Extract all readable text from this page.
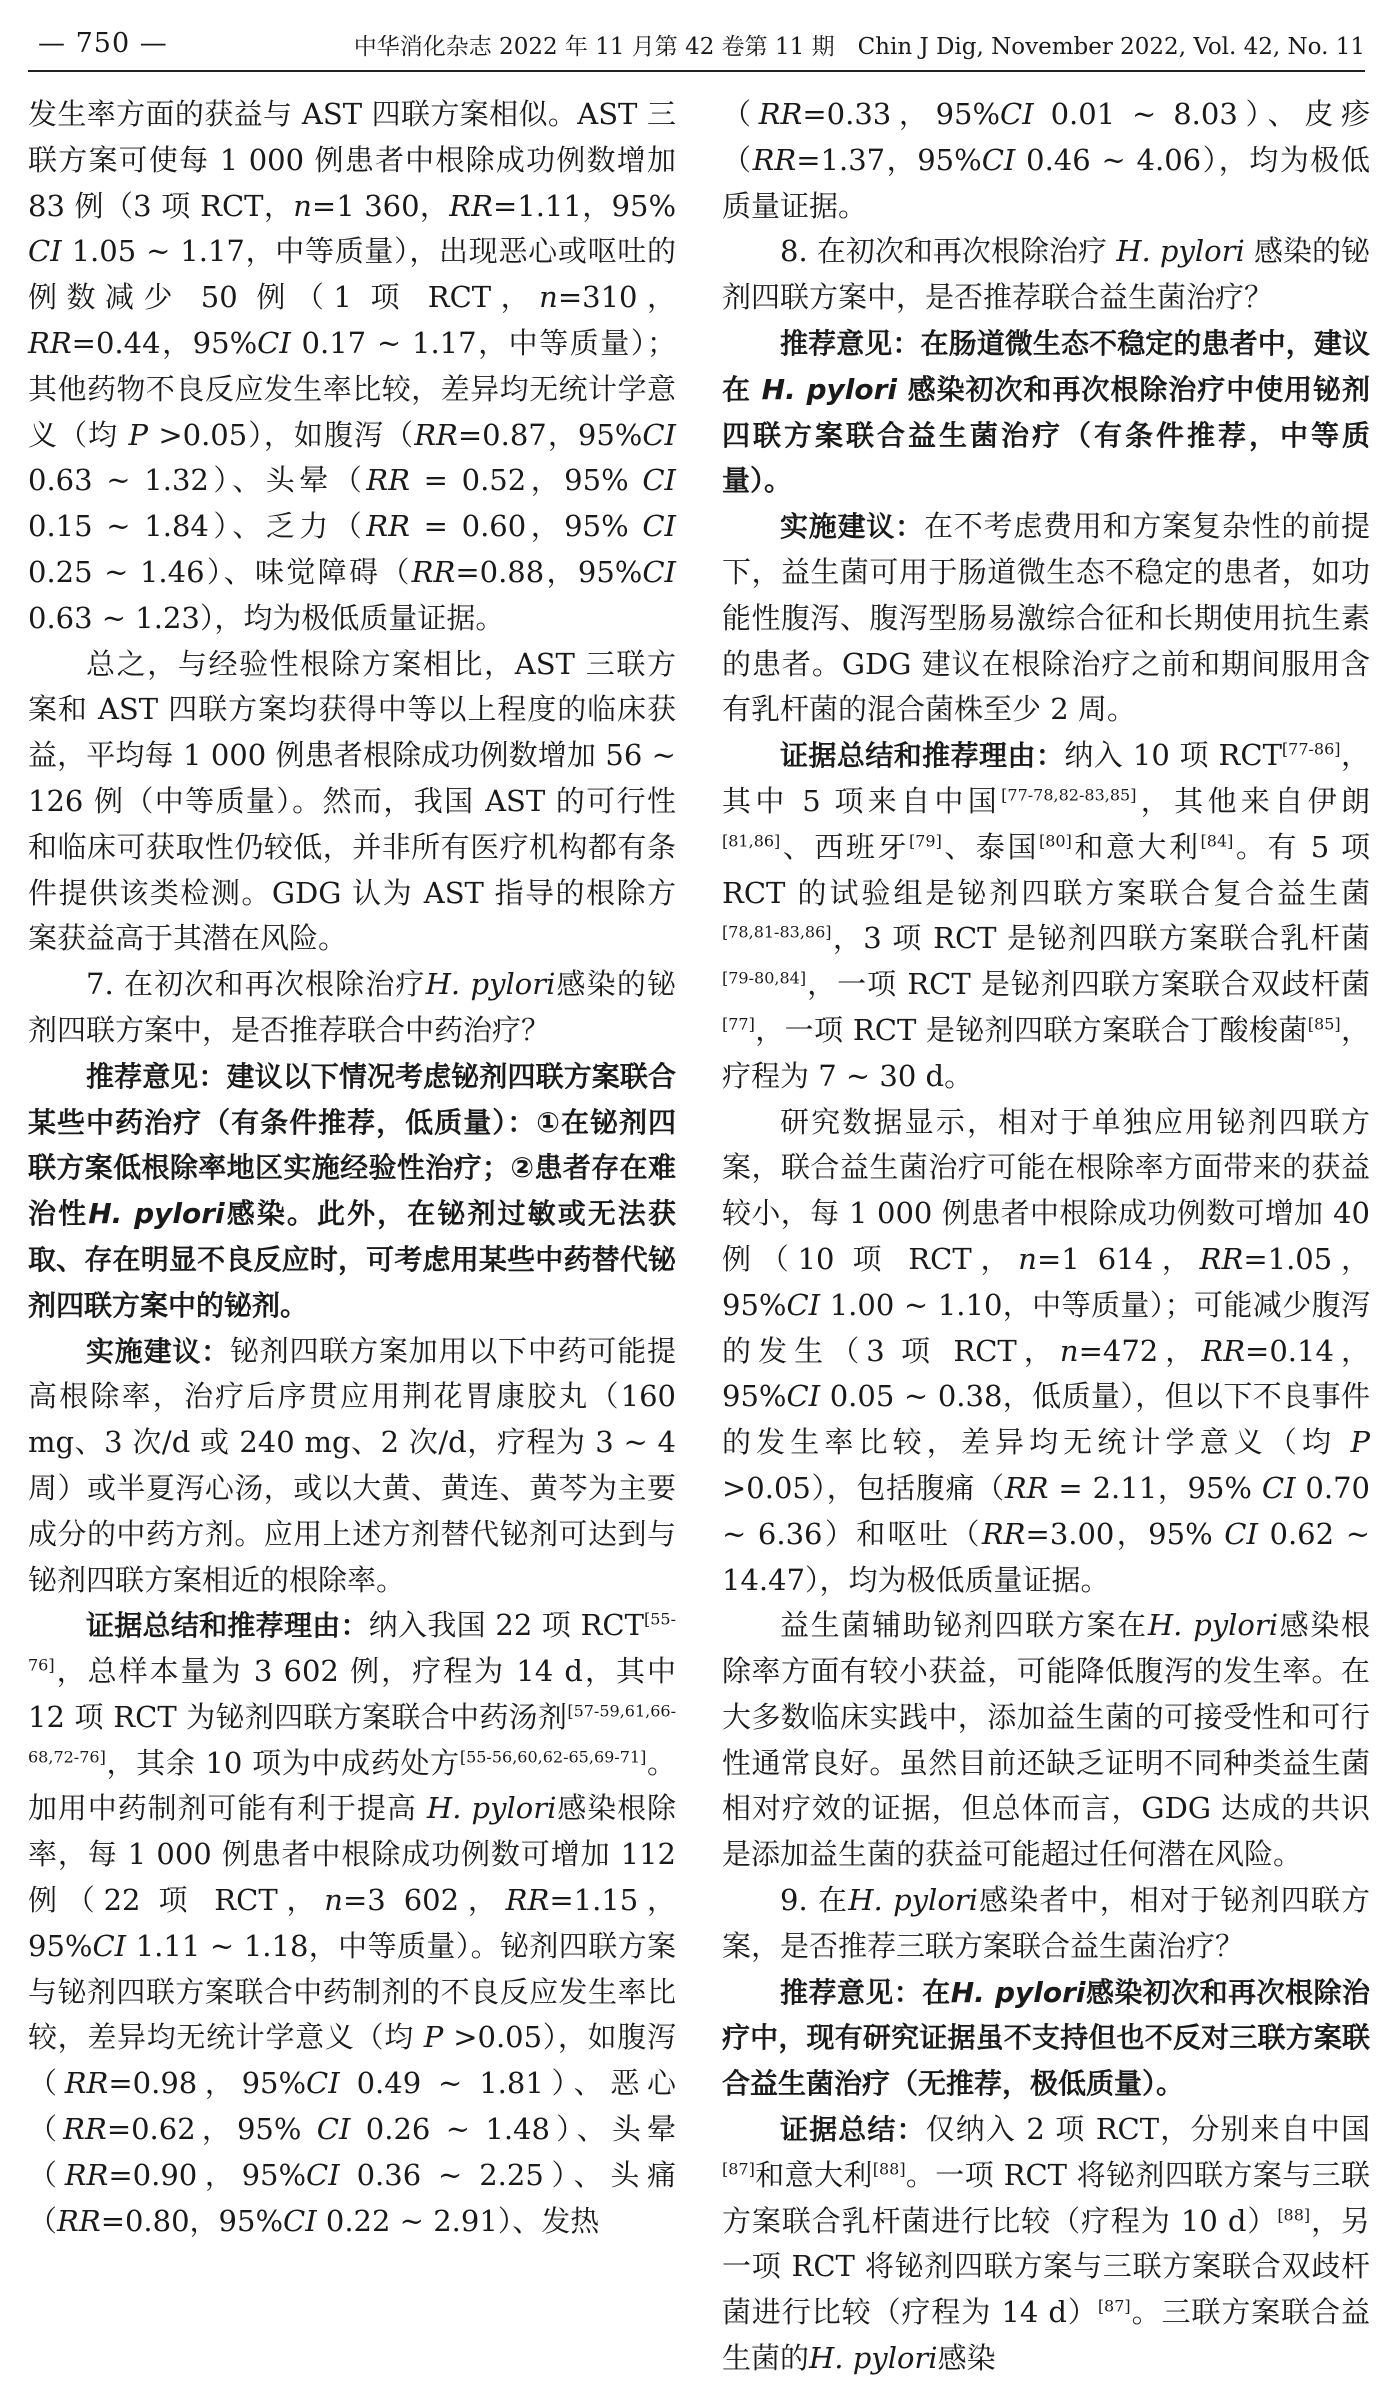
— 750 —	中华消化杂志 2022 年 11 月第 42 卷第 11 期　Chin J Dig, November 2022, Vol. 42, No. 11

发生率方面的获益与 AST 四联方案相似。AST 三联方案可使每 1 000 例患者中根除成功例数增加 83 例（3 项 RCT，n=1 360，RR=1.11，95% CI 1.05 ~ 1.17，中等质量），出现恶心或呕吐的例数减少 50 例（1 项 RCT，n=310，RR=0.44，95%CI 0.17 ~ 1.17，中等质量）；其他药物不良反应发生率比较，差异均无统计学意义（均 P >0.05），如腹泻（RR=0.87，95%CI 0.63 ~ 1.32）、头晕（RR = 0.52，95% CI 0.15 ~ 1.84）、乏力（RR = 0.60，95% CI 0.25 ~ 1.46）、味觉障碍（RR=0.88，95%CI 0.63 ~ 1.23），均为极低质量证据。

总之，与经验性根除方案相比，AST 三联方案和 AST 四联方案均获得中等以上程度的临床获益，平均每 1 000 例患者根除成功例数增加 56 ~ 126 例（中等质量）。然而，我国 AST 的可行性和临床可获取性仍较低，并非所有医疗机构都有条件提供该类检测。GDG 认为 AST 指导的根除方案获益高于其潜在风险。

7. 在初次和再次根除治疗H. pylori感染的铋剂四联方案中，是否推荐联合中药治疗？

推荐意见：建议以下情况考虑铋剂四联方案联合某些中药治疗（有条件推荐，低质量）：①在铋剂四联方案低根除率地区实施经验性治疗；②患者存在难治性H. pylori感染。此外，在铋剂过敏或无法获取、存在明显不良反应时，可考虑用某些中药替代铋剂四联方案中的铋剂。

实施建议：铋剂四联方案加用以下中药可能提高根除率，治疗后序贯应用荆花胃康胶丸（160 mg、3 次/d 或 240 mg、2 次/d，疗程为 3 ~ 4 周）或半夏泻心汤，或以大黄、黄连、黄芩为主要成分的中药方剂。应用上述方剂替代铋剂可达到与铋剂四联方案相近的根除率。

证据总结和推荐理由：纳入我国 22 项 RCT[55-76]，总样本量为 3 602 例，疗程为 14 d，其中 12 项 RCT 为铋剂四联方案联合中药汤剂[57-59,61,66-68,72-76]，其余 10 项为中成药处方[55-56,60,62-65,69-71]。加用中药制剂可能有利于提高 H. pylori感染根除率，每 1 000 例患者中根除成功例数可增加 112 例（22 项 RCT，n=3 602，RR=1.15，95%CI 1.11 ~ 1.18，中等质量）。铋剂四联方案与铋剂四联方案联合中药制剂的不良反应发生率比较，差异均无统计学意义（均 P >0.05），如腹泻（RR=0.98，95%CI 0.49 ~ 1.81）、恶心（RR=0.62，95% CI 0.26 ~ 1.48）、头晕（RR=0.90，95%CI 0.36 ~ 2.25）、头痛（RR=0.80，95%CI 0.22 ~ 2.91）、发热

（RR=0.33，95%CI 0.01 ~ 8.03）、皮疹（RR=1.37，95%CI 0.46 ~ 4.06），均为极低质量证据。

8. 在初次和再次根除治疗 H. pylori 感染的铋剂四联方案中，是否推荐联合益生菌治疗？

推荐意见：在肠道微生态不稳定的患者中，建议在 H. pylori 感染初次和再次根除治疗中使用铋剂四联方案联合益生菌治疗（有条件推荐，中等质量）。

实施建议：在不考虑费用和方案复杂性的前提下，益生菌可用于肠道微生态不稳定的患者，如功能性腹泻、腹泻型肠易激综合征和长期使用抗生素的患者。GDG 建议在根除治疗之前和期间服用含有乳杆菌的混合菌株至少 2 周。

证据总结和推荐理由：纳入 10 项 RCT[77-86]，其中 5 项来自中国[77-78,82-83,85]，其他来自伊朗[81,86]、西班牙[79]、泰国[80]和意大利[84]。有 5 项 RCT 的试验组是铋剂四联方案联合复合益生菌[78,81-83,86]，3 项 RCT 是铋剂四联方案联合乳杆菌[79-80,84]，一项 RCT 是铋剂四联方案联合双歧杆菌[77]，一项 RCT 是铋剂四联方案联合丁酸梭菌[85]，疗程为 7 ~ 30 d。

研究数据显示，相对于单独应用铋剂四联方案，联合益生菌治疗可能在根除率方面带来的获益较小，每 1 000 例患者中根除成功例数可增加 40 例（10 项 RCT，n=1 614，RR=1.05，95%CI 1.00 ~ 1.10，中等质量）；可能减少腹泻的发生（3 项 RCT，n=472，RR=0.14，95%CI 0.05 ~ 0.38，低质量），但以下不良事件的发生率比较，差异均无统计学意义（均 P >0.05），包括腹痛（RR = 2.11，95% CI 0.70 ~ 6.36）和呕吐（RR=3.00，95% CI 0.62 ~ 14.47），均为极低质量证据。

益生菌辅助铋剂四联方案在H. pylori感染根除率方面有较小获益，可能降低腹泻的发生率。在大多数临床实践中，添加益生菌的可接受性和可行性通常良好。虽然目前还缺乏证明不同种类益生菌相对疗效的证据，但总体而言，GDG 达成的共识是添加益生菌的获益可能超过任何潜在风险。

9. 在H. pylori感染者中，相对于铋剂四联方案，是否推荐三联方案联合益生菌治疗？

推荐意见：在H. pylori感染初次和再次根除治疗中，现有研究证据虽不支持但也不反对三联方案联合益生菌治疗（无推荐，极低质量）。

证据总结：仅纳入 2 项 RCT，分别来自中国[87]和意大利[88]。一项 RCT 将铋剂四联方案与三联方案联合乳杆菌进行比较（疗程为 10 d）[88]，另一项 RCT 将铋剂四联方案与三联方案联合双歧杆菌进行比较（疗程为 14 d）[87]。三联方案联合益生菌的H. pylori感染
